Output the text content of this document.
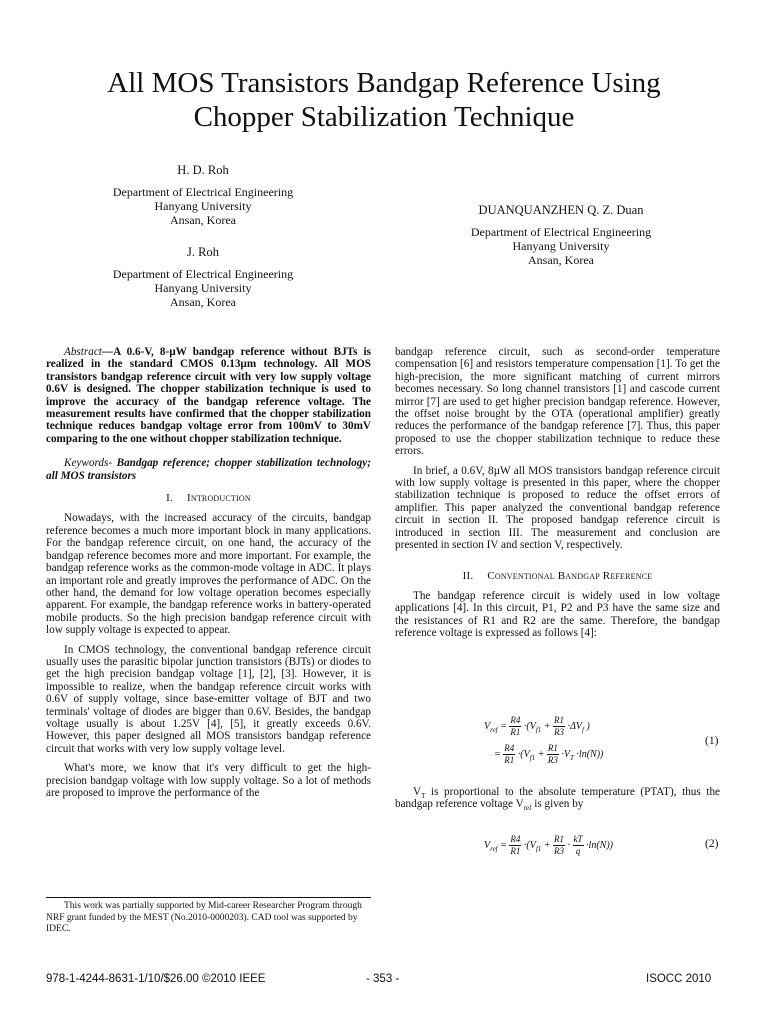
All MOS Transistors Bandgap Reference Using
Chopper Stabilization Technique
H. D. Roh
Department of Electrical Engineering
Hanyang University
Ansan, Korea
J. Roh
Department of Electrical Engineering
Hanyang University
Ansan, Korea
DUANQUANZHEN Q. Z. Duan
Department of Electrical Engineering
Hanyang University
Ansan, Korea

Abstract—A 0.6-V, 8-µW bandgap reference without BJTs is realized in the standard CMOS 0.13µm technology. All MOS transistors bandgap reference circuit with very low supply voltage 0.6V is designed. The chopper stabilization technique is used to improve the accuracy of the bandgap reference voltage. The measurement results have confirmed that the chopper stabilization technique reduces bandgap voltage error from 100mV to 30mV comparing to the one without chopper stabilization technique.

Keywords- Bandgap reference; chopper stabilization technology; all MOS transistors

I. Introduction

Nowadays, with the increased accuracy of the circuits, bandgap reference becomes a much more important block in many applications. For the bandgap reference circuit, on one hand, the accuracy of the bandgap reference becomes more and more important. For example, the bandgap reference works as the common-mode voltage in ADC. It plays an important role and greatly improves the performance of ADC. On the other hand, the demand for low voltage operation becomes especially apparent. For example, the bandgap reference works in battery-operated mobile products. So the high precision bandgap reference circuit with low supply voltage is expected to appear.

In CMOS technology, the conventional bandgap reference circuit usually uses the parasitic bipolar junction transistors (BJTs) or diodes to get the high precision bandgap voltage [1], [2], [3]. However, it is impossible to realize, when the bandgap reference circuit works with 0.6V of supply voltage, since base-emitter voltage of BJT and two terminals' voltage of diodes are bigger than 0.6V. Besides, the bandgap voltage usually is about 1.25V [4], [5], it greatly exceeds 0.6V. However, this paper designed all MOS transistors bandgap reference circuit that works with very low supply voltage level.

What's more, we know that it's very difficult to get the high-precision bandgap voltage with low supply voltage. So a lot of methods are proposed to improve the performance of the

bandgap reference circuit, such as second-order temperature compensation [6] and resistors temperature compensation [1]. To get the high-precision, the more significant matching of current mirrors becomes necessary. So long channel transistors [1] and cascode current mirror [7] are used to get higher precision bandgap reference. However, the offset noise brought by the OTA (operational amplifier) greatly reduces the performance of the bandgap reference [7]. Thus, this paper proposed to use the chopper stabilization technique to reduce these errors.

In brief, a 0.6V, 8µW all MOS transistors bandgap reference circuit with low supply voltage is presented in this paper, where the chopper stabilization technique is proposed to reduce the offset errors of amplifier. This paper analyzed the conventional bandgap reference circuit in section II. The proposed bandgap reference circuit is introduced in section III. The measurement and conclusion are presented in section IV and section V, respectively.

II. Conventional Bandgap Reference

The bandgap reference circuit is widely used in low voltage applications [4]. In this circuit, P1, P2 and P3 have the same size and the resistances of R1 and R2 are the same. Therefore, the bandgap reference voltage is expressed as follows [4]:

$V_{ref} = \frac{R4}{R1} \cdot(V_{f1} + \frac{R1}{R3} \cdot\Delta V_f$ )
= $\frac{R4}{R1} \cdot(V_{f1} + \frac{R1}{R3} \cdot V_T \cdot\ln(N))$
(1)

$V_T$ is proportional to the absolute temperature (PTAT), thus the bandgap reference voltage $V_{ref}$ is given by

$V_{ref} = \frac{R4}{R1} \cdot(V_{f1} + \frac{R1}{R3} \cdot \frac{kT}{q} \cdot\ln(N))$	(2)

This work was partially supported by Mid-career Researcher Program through NRF grant funded by the MEST (No.2010-0000203). CAD tool was supported by IDEC.

978-1-4244-8631-1/10/$26.00 ©2010 IEEE	- 353 -	ISOCC 2010
